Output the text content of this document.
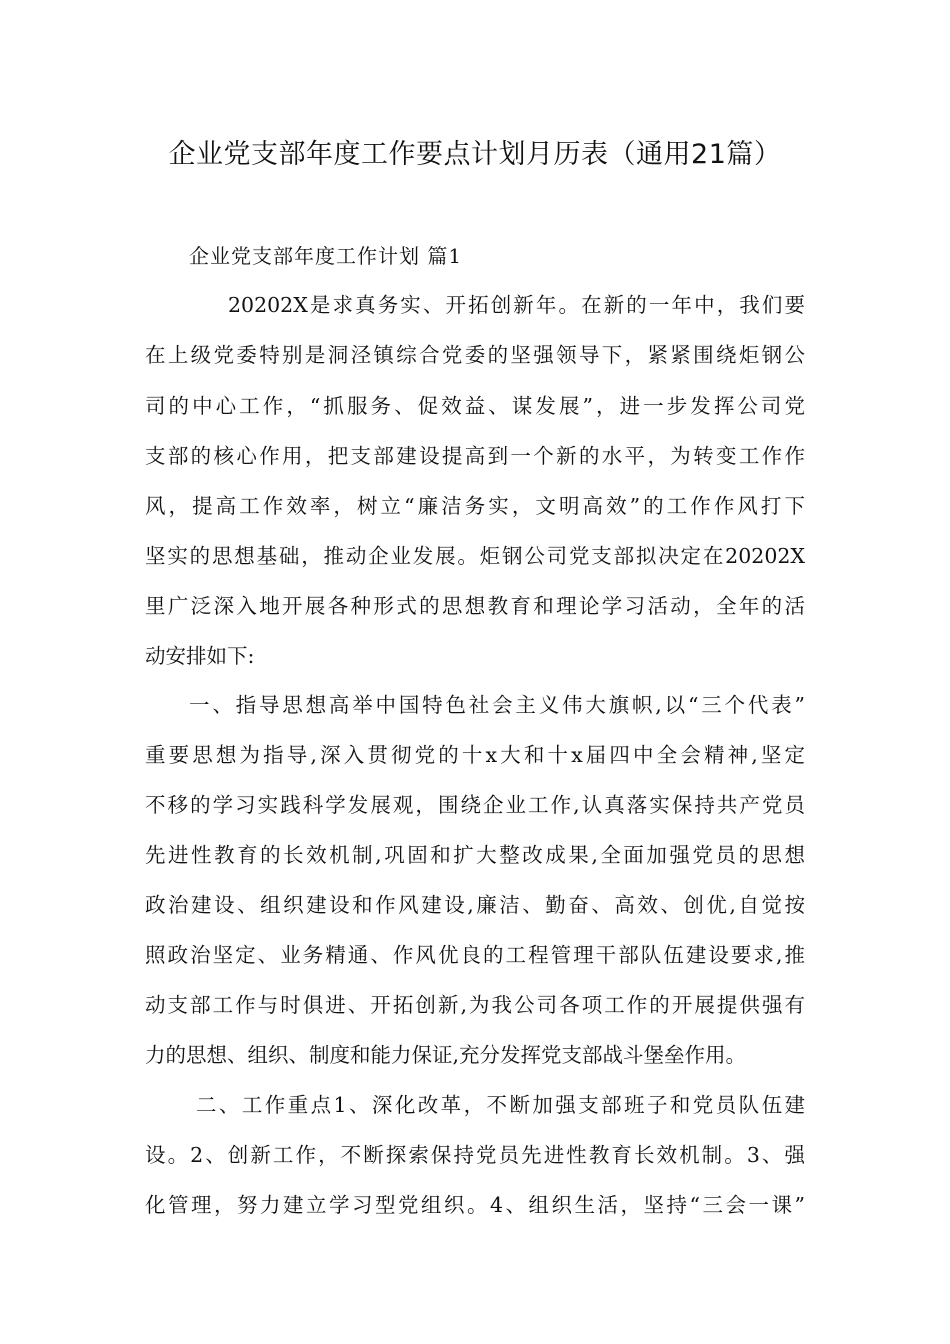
企业党支部年度工作要点计划月历表（通用21篇）
企业党支部年度工作计划 篇1
20202X是求真务实、开拓创新年。在新的一年中，我们要
在上级党委特别是洞泾镇综合党委的坚强领导下，紧紧围绕炬钢公
司的中心工作，“抓服务、促效益、谋发展”，进一步发挥公司党
支部的核心作用，把支部建设提高到一个新的水平，为转变工作作
风，提高工作效率，树立“廉洁务实，文明高效”的工作作风打下
坚实的思想基础，推动企业发展。炬钢公司党支部拟决定在20202X
里广泛深入地开展各种形式的思想教育和理论学习活动，全年的活
动安排如下:
一、指导思想高举中国特色社会主义伟大旗帜,以“三个代表”
重要思想为指导,深入贯彻党的十x大和十x届四中全会精神,坚定
不移的学习实践科学发展观，围绕企业工作,认真落实保持共产党员
先进性教育的长效机制,巩固和扩大整改成果,全面加强党员的思想
政治建设、组织建设和作风建设,廉洁、勤奋、高效、创优,自觉按
照政治坚定、业务精通、作风优良的工程管理干部队伍建设要求,推
动支部工作与时俱进、开拓创新,为我公司各项工作的开展提供强有
力的思想、组织、制度和能力保证,充分发挥党支部战斗堡垒作用。
二、工作重点1、深化改革，不断加强支部班子和党员队伍建
设。2、创新工作，不断探索保持党员先进性教育长效机制。3、强
化管理，努力建立学习型党组织。4、组织生活，坚持“三会一课”
